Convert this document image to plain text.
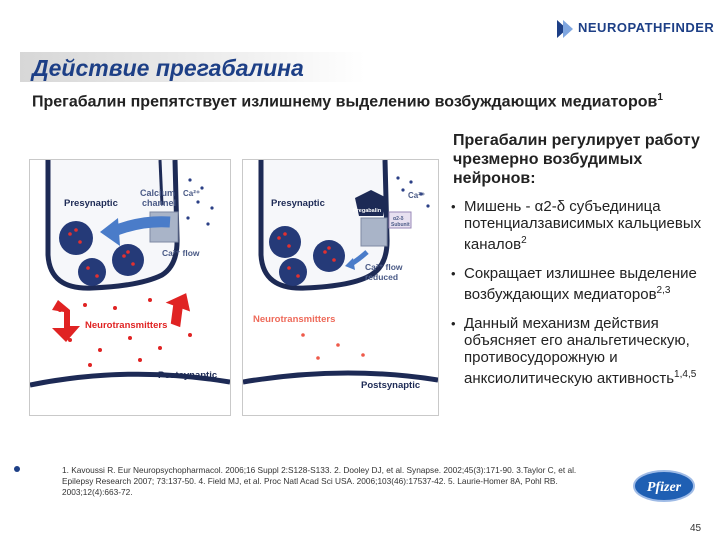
NEUROPATHFINDER
Действие прегабалина
Прегабалин препятствует излишнему выделению возбуждающих медиаторов$^1$
Presynaptic
Calcium
channel
Ca²⁺
Ca²⁺ flow
Neurotransmitters
Postsynaptic
Presynaptic
Pregabalin
α2-δ
Subunit
Ca²⁺
Ca²⁺ flow
reduced
Neurotransmitters
Postsynaptic
Прегабалин регулирует работу чрезмерно возбудимых нейронов:
• Мишень - α2-δ субъединица потенциалзависимых кальциевых каналов$^2$
• Сокращает излишнее выделение возбуждающих медиаторов$^{2,3}$
• Данный механизм действия объясняет его анальгетическую, противосудорожную и анксиолитическую активность$^{1,4,5}$
1. Kavoussi R. Eur Neuropsychopharmacol. 2006;16 Suppl 2:S128-S133. 2. Dooley DJ, et al. Synapse. 2002;45(3):171-90. 3.Taylor C, et al. Epilepsy Research 2007; 73:137-50. 4. Field MJ, et al. Proc Natl Acad Sci USA. 2006;103(46):17537-42. 5. Laurie-Homer 8A, Pohl RB. 2003;12(4):663-72.	Pfizer
45
